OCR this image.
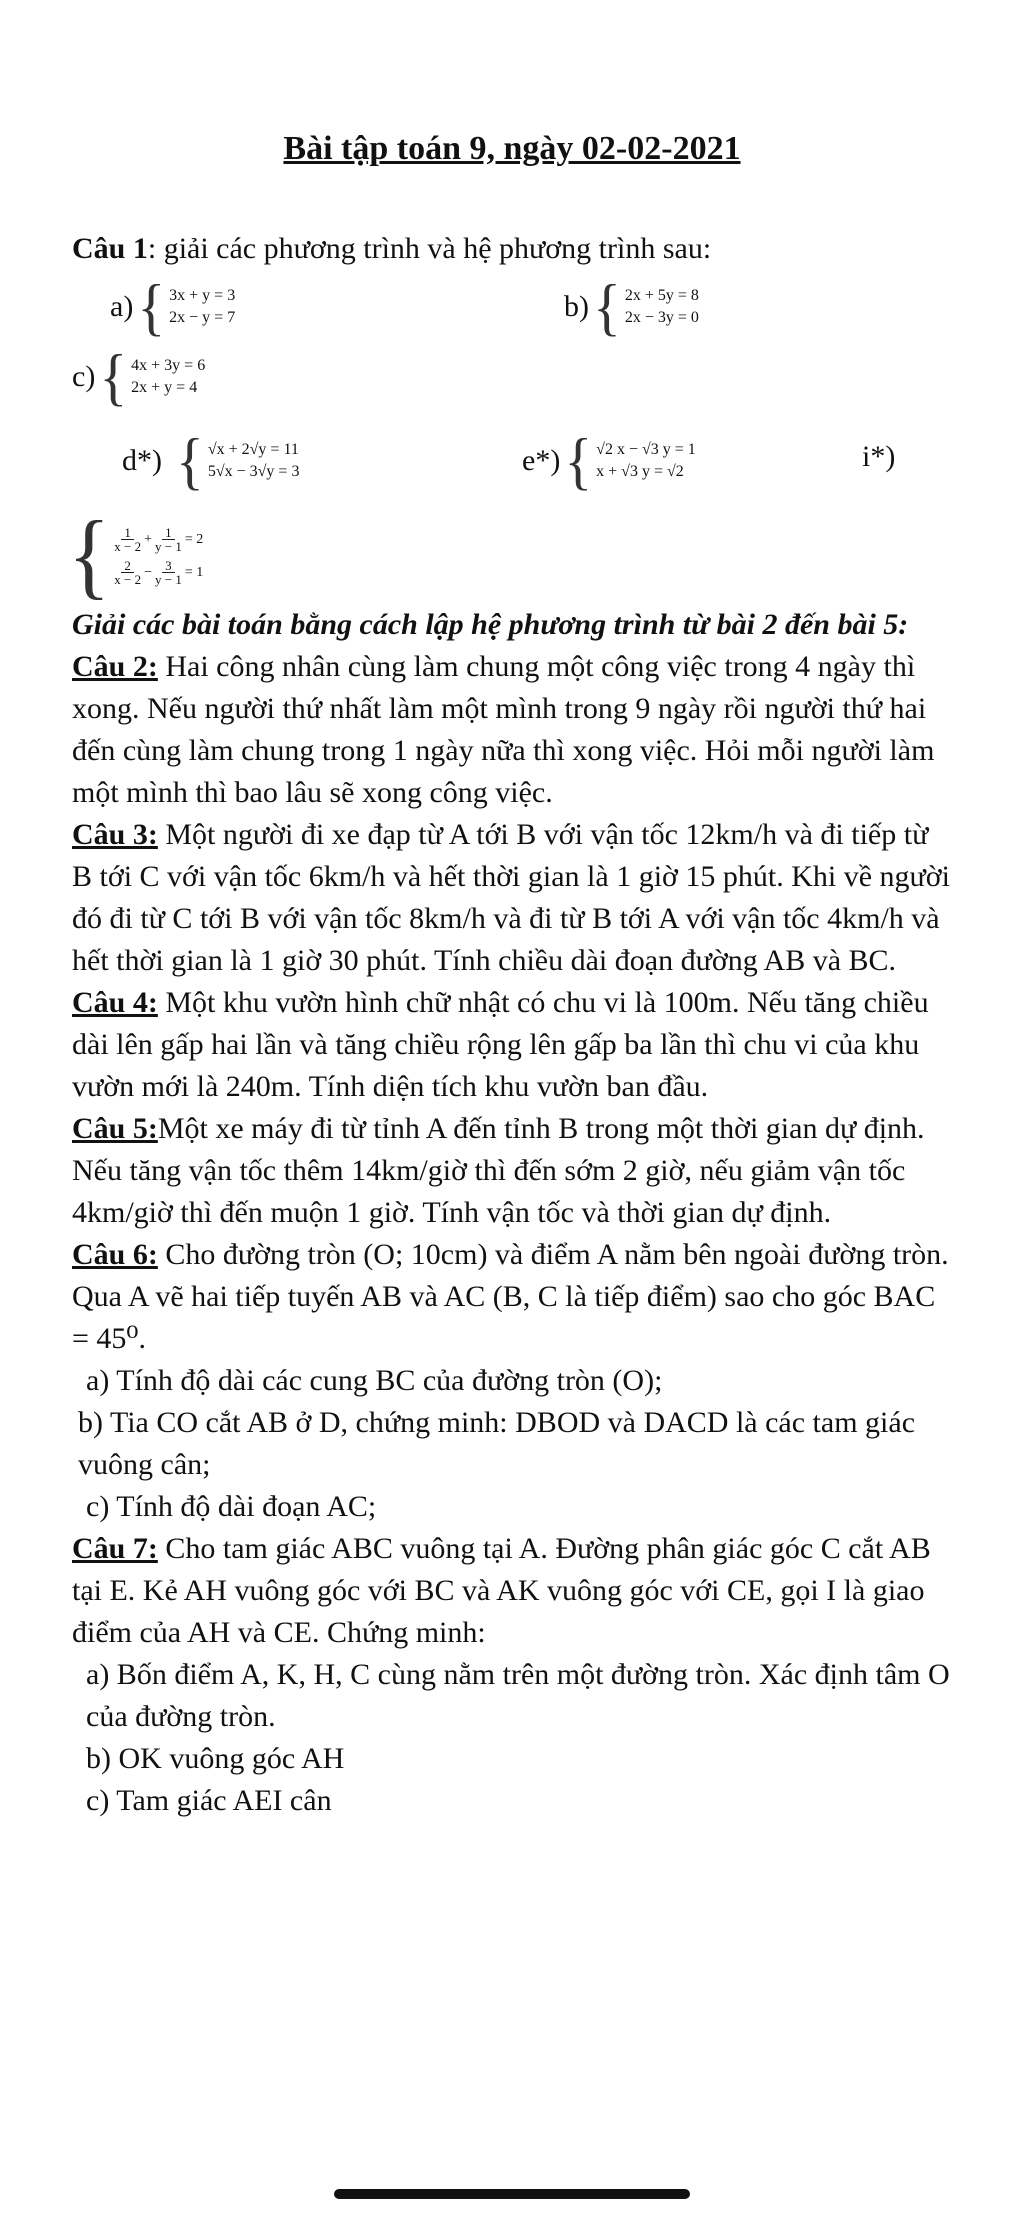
Bài tập toán 9, ngày 02-02-2021

Câu 1: giải các phương trình và hệ phương trình sau:

a) { 3x + y = 3
2x − y = 7	b) { 2x + 5y = 8
2x − 3y = 0
c) { 4x + 3y = 6
2x + y = 4
d*) { √x + 2√y = 11
5√x − 3√y = 3	e*) { √2 x − √3 y = 1
x + √3 y = √2	i*)
{ $\frac{1}{x - 2} + \frac{1}{y - 1} = 2$
$\frac{2}{x - 2} - \frac{3}{y - 1} = 1$

Giải các bài toán bằng cách lập hệ phương trình từ bài 2 đến bài 5:

Câu 2: Hai công nhân cùng làm chung một công việc trong 4 ngày thì xong. Nếu người thứ nhất làm một mình trong 9 ngày rồi người thứ hai đến cùng làm chung trong 1 ngày nữa thì xong việc. Hỏi mỗi người làm một mình thì bao lâu sẽ xong công việc.

Câu 3: Một người đi xe đạp từ A tới B với vận tốc 12km/h và đi tiếp từ B tới C với vận tốc 6km/h và hết thời gian là 1 giờ 15 phút. Khi về người đó đi từ C tới B với vận tốc 8km/h và đi từ B tới A với vận tốc 4km/h và hết thời gian là 1 giờ 30 phút. Tính chiều dài đoạn đường AB và BC.

Câu 4: Một khu vườn hình chữ nhật có chu vi là 100m. Nếu tăng chiều dài lên gấp hai lần và tăng chiều rộng lên gấp ba lần thì chu vi của khu vườn mới là 240m. Tính diện tích khu vườn ban đầu.

Câu 5:Một xe máy đi từ tỉnh A đến tỉnh B trong một thời gian dự định. Nếu tăng vận tốc thêm 14km/giờ thì đến sớm 2 giờ, nếu giảm vận tốc 4km/giờ thì đến muộn 1 giờ. Tính vận tốc và thời gian dự định.

Câu 6: Cho đường tròn (O; 10cm) và điểm A nằm bên ngoài đường tròn. Qua A vẽ hai tiếp tuyến AB và AC (B, C là tiếp điểm) sao cho góc BAC = 45⁰.

a) Tính độ dài các cung BC của đường tròn (O);

b) Tia CO cắt AB ở D, chứng minh: DBOD và DACD là các tam giác vuông cân;

c) Tính độ dài đoạn AC;

Câu 7: Cho tam giác ABC vuông tại A. Đường phân giác góc C cắt AB tại E. Kẻ AH vuông góc với BC và AK vuông góc với CE, gọi I là giao điểm của AH và CE. Chứng minh:

a) Bốn điểm A, K, H, C cùng nằm trên một đường tròn. Xác định tâm O của đường tròn.

b) OK vuông góc AH

c) Tam giác AEI cân
